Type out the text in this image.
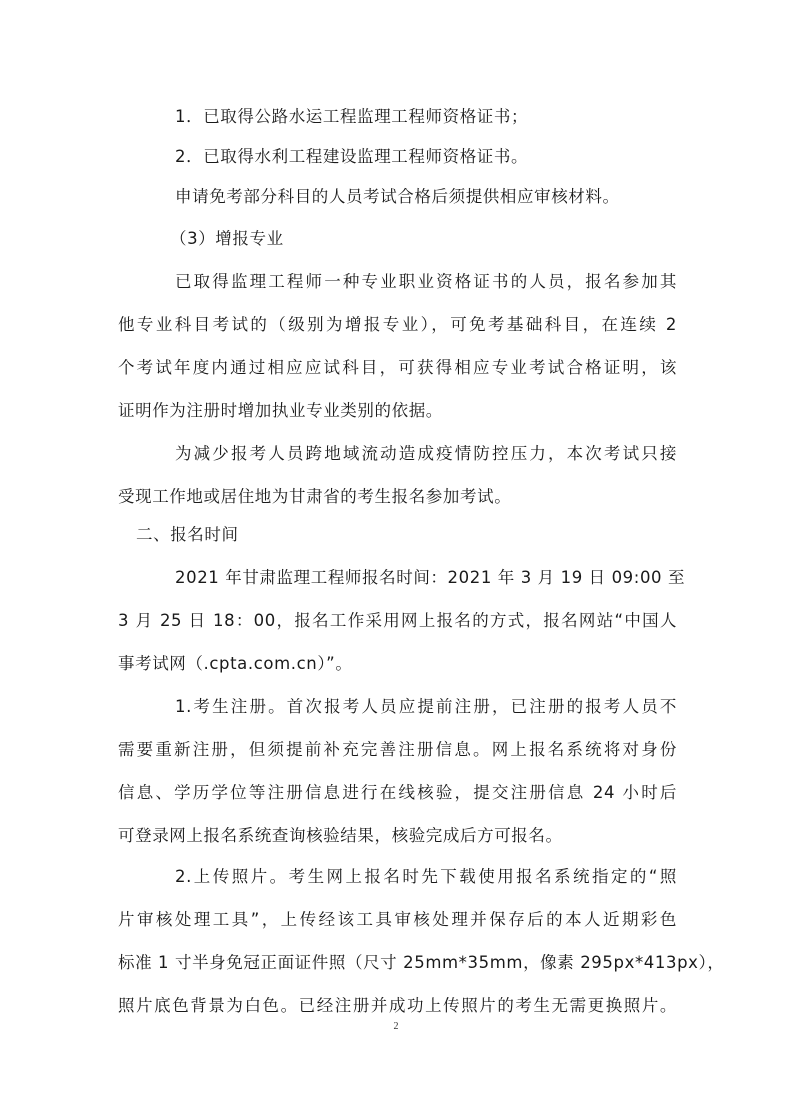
1．已取得公路水运工程监理工程师资格证书；
2．已取得水利工程建设监理工程师资格证书。
申请免考部分科目的人员考试合格后须提供相应审核材料。
（3）增报专业
已取得监理工程师一种专业职业资格证书的人员，报名参加其
他专业科目考试的（级别为增报专业），可免考基础科目，在连续 2
个考试年度内通过相应应试科目，可获得相应专业考试合格证明，该
证明作为注册时增加执业专业类别的依据。
为减少报考人员跨地域流动造成疫情防控压力，本次考试只接
受现工作地或居住地为甘肃省的考生报名参加考试。
二、报名时间
2021 年甘肃监理工程师报名时间：2021 年 3 月 19 日 09:00 至
3 月 25 日 18：00，报名工作采用网上报名的方式，报名网站“中国人
事考试网（.cpta.com.cn）”。
1.考生注册。首次报考人员应提前注册，已注册的报考人员不
需要重新注册，但须提前补充完善注册信息。网上报名系统将对身份
信息、学历学位等注册信息进行在线核验，提交注册信息 24 小时后
可登录网上报名系统查询核验结果，核验完成后方可报名。
2.上传照片。考生网上报名时先下载使用报名系统指定的“照
片审核处理工具”，上传经该工具审核处理并保存后的本人近期彩色
标准 1 寸半身免冠正面证件照（尺寸 25mm*35mm，像素 295px*413px），
照片底色背景为白色。已经注册并成功上传照片的考生无需更换照片。
2
